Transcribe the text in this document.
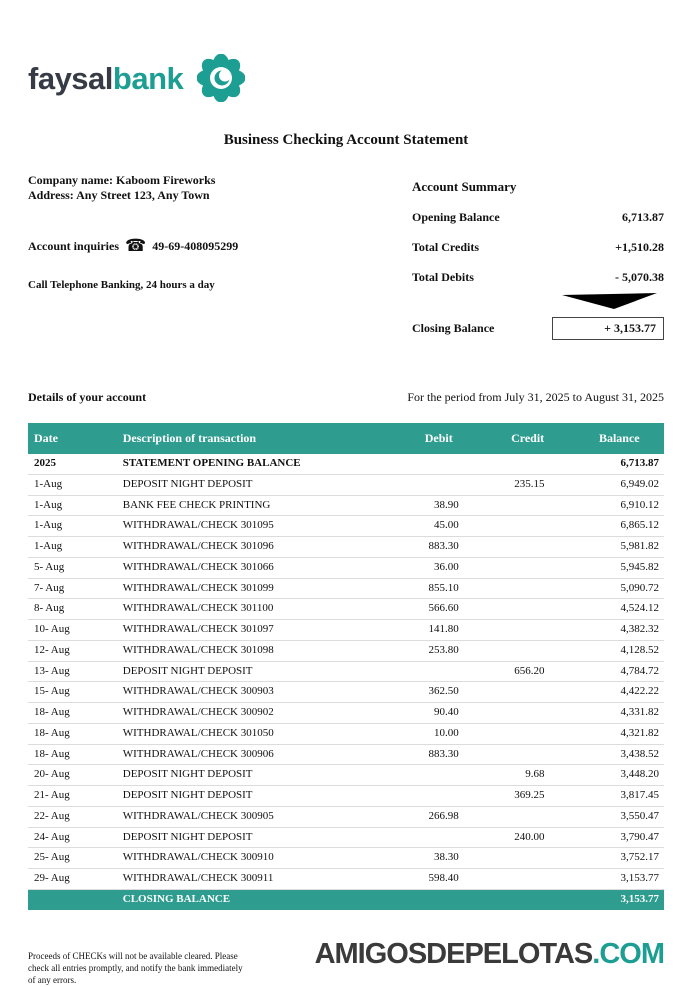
faysalbank
Business Checking Account Statement
Company name: Kaboom Fireworks
Address: Any Street 123, Any Town
Account inquiries ☎ 49-69-408095299
Call Telephone Banking, 24 hours a day
Account Summary
Opening Balance	6,713.87
Total Credits	+1,510.28
Total Debits	- 5,070.38
Closing Balance	+ 3,153.77
Details of your account	For the period from July 31, 2025 to August 31, 2025
Date	Description of transaction	Debit	Credit	Balance
2025	STATEMENT OPENING BALANCE			6,713.87
1-Aug	DEPOSIT NIGHT DEPOSIT		235.15	6,949.02
1-Aug	BANK FEE CHECK PRINTING	38.90		6,910.12
1-Aug	WITHDRAWAL/CHECK 301095	45.00		6,865.12
1-Aug	WITHDRAWAL/CHECK 301096	883.30		5,981.82
5- Aug	WITHDRAWAL/CHECK 301066	36.00		5,945.82
7- Aug	WITHDRAWAL/CHECK 301099	855.10		5,090.72
8- Aug	WITHDRAWAL/CHECK 301100	566.60		4,524.12
10- Aug	WITHDRAWAL/CHECK 301097	141.80		4,382.32
12- Aug	WITHDRAWAL/CHECK 301098	253.80		4,128.52
13- Aug	DEPOSIT NIGHT DEPOSIT		656.20	4,784.72
15- Aug	WITHDRAWAL/CHECK 300903	362.50		4,422.22
18- Aug	WITHDRAWAL/CHECK 300902	90.40		4,331.82
18- Aug	WITHDRAWAL/CHECK 301050	10.00		4,321.82
18- Aug	WITHDRAWAL/CHECK 300906	883.30		3,438.52
20- Aug	DEPOSIT NIGHT DEPOSIT		9.68	3,448.20
21- Aug	DEPOSIT NIGHT DEPOSIT		369.25	3,817.45
22- Aug	WITHDRAWAL/CHECK 300905	266.98		3,550.47
24- Aug	DEPOSIT NIGHT DEPOSIT		240.00	3,790.47
25- Aug	WITHDRAWAL/CHECK 300910	38.30		3,752.17
29- Aug	WITHDRAWAL/CHECK 300911	598.40		3,153.77
	CLOSING BALANCE			3,153.77
Proceeds of CHECKs will not be available cleared. Please check all entries promptly, and notify the bank immediately of any errors.
AMIGOSDEPELOTAS.COM
